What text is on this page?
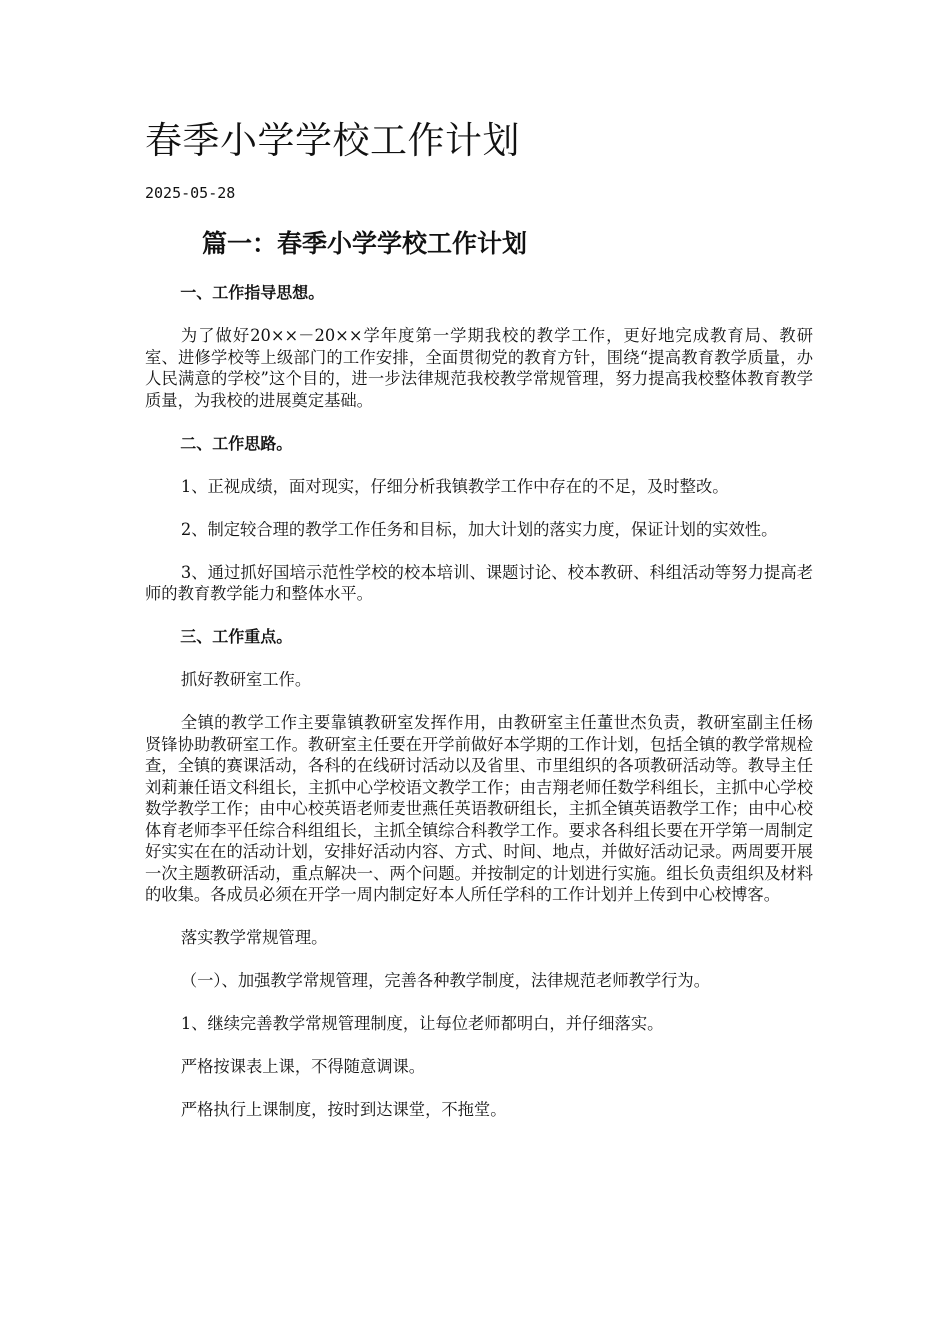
春季小学学校工作计划
2025-05-28
篇一：春季小学学校工作计划

一、工作指导思想。

为了做好20××－20××学年度第一学期我校的教学工作，更好地完成教育局、教研室、进修学校等上级部门的工作安排，全面贯彻党的教育方针，围绕“提高教育教学质量，办人民满意的学校”这个目的，进一步法律规范我校教学常规管理，努力提高我校整体教育教学质量，为我校的进展奠定基础。

二、工作思路。

1、正视成绩，面对现实，仔细分析我镇教学工作中存在的不足，及时整改。

2、制定较合理的教学工作任务和目标，加大计划的落实力度，保证计划的实效性。

3、通过抓好国培示范性学校的校本培训、课题讨论、校本教研、科组活动等努力提高老师的教育教学能力和整体水平。

三、工作重点。

抓好教研室工作。

全镇的教学工作主要靠镇教研室发挥作用，由教研室主任董世杰负责，教研室副主任杨贤锋协助教研室工作。教研室主任要在开学前做好本学期的工作计划，包括全镇的教学常规检查，全镇的赛课活动，各科的在线研讨活动以及省里、市里组织的各项教研活动等。教导主任刘莉兼任语文科组长，主抓中心学校语文教学工作；由吉翔老师任数学科组长，主抓中心学校数学教学工作；由中心校英语老师麦世燕任英语教研组长，主抓全镇英语教学工作；由中心校体育老师李平任综合科组组长，主抓全镇综合科教学工作。要求各科组长要在开学第一周制定好实实在在的活动计划，安排好活动内容、方式、时间、地点，并做好活动记录。两周要开展一次主题教研活动，重点解决一、两个问题。并按制定的计划进行实施。组长负责组织及材料的收集。各成员必须在开学一周内制定好本人所任学科的工作计划并上传到中心校博客。

落实教学常规管理。

（一）、加强教学常规管理，完善各种教学制度，法律规范老师教学行为。

1、继续完善教学常规管理制度，让每位老师都明白，并仔细落实。

严格按课表上课，不得随意调课。

严格执行上课制度，按时到达课堂，不拖堂。
